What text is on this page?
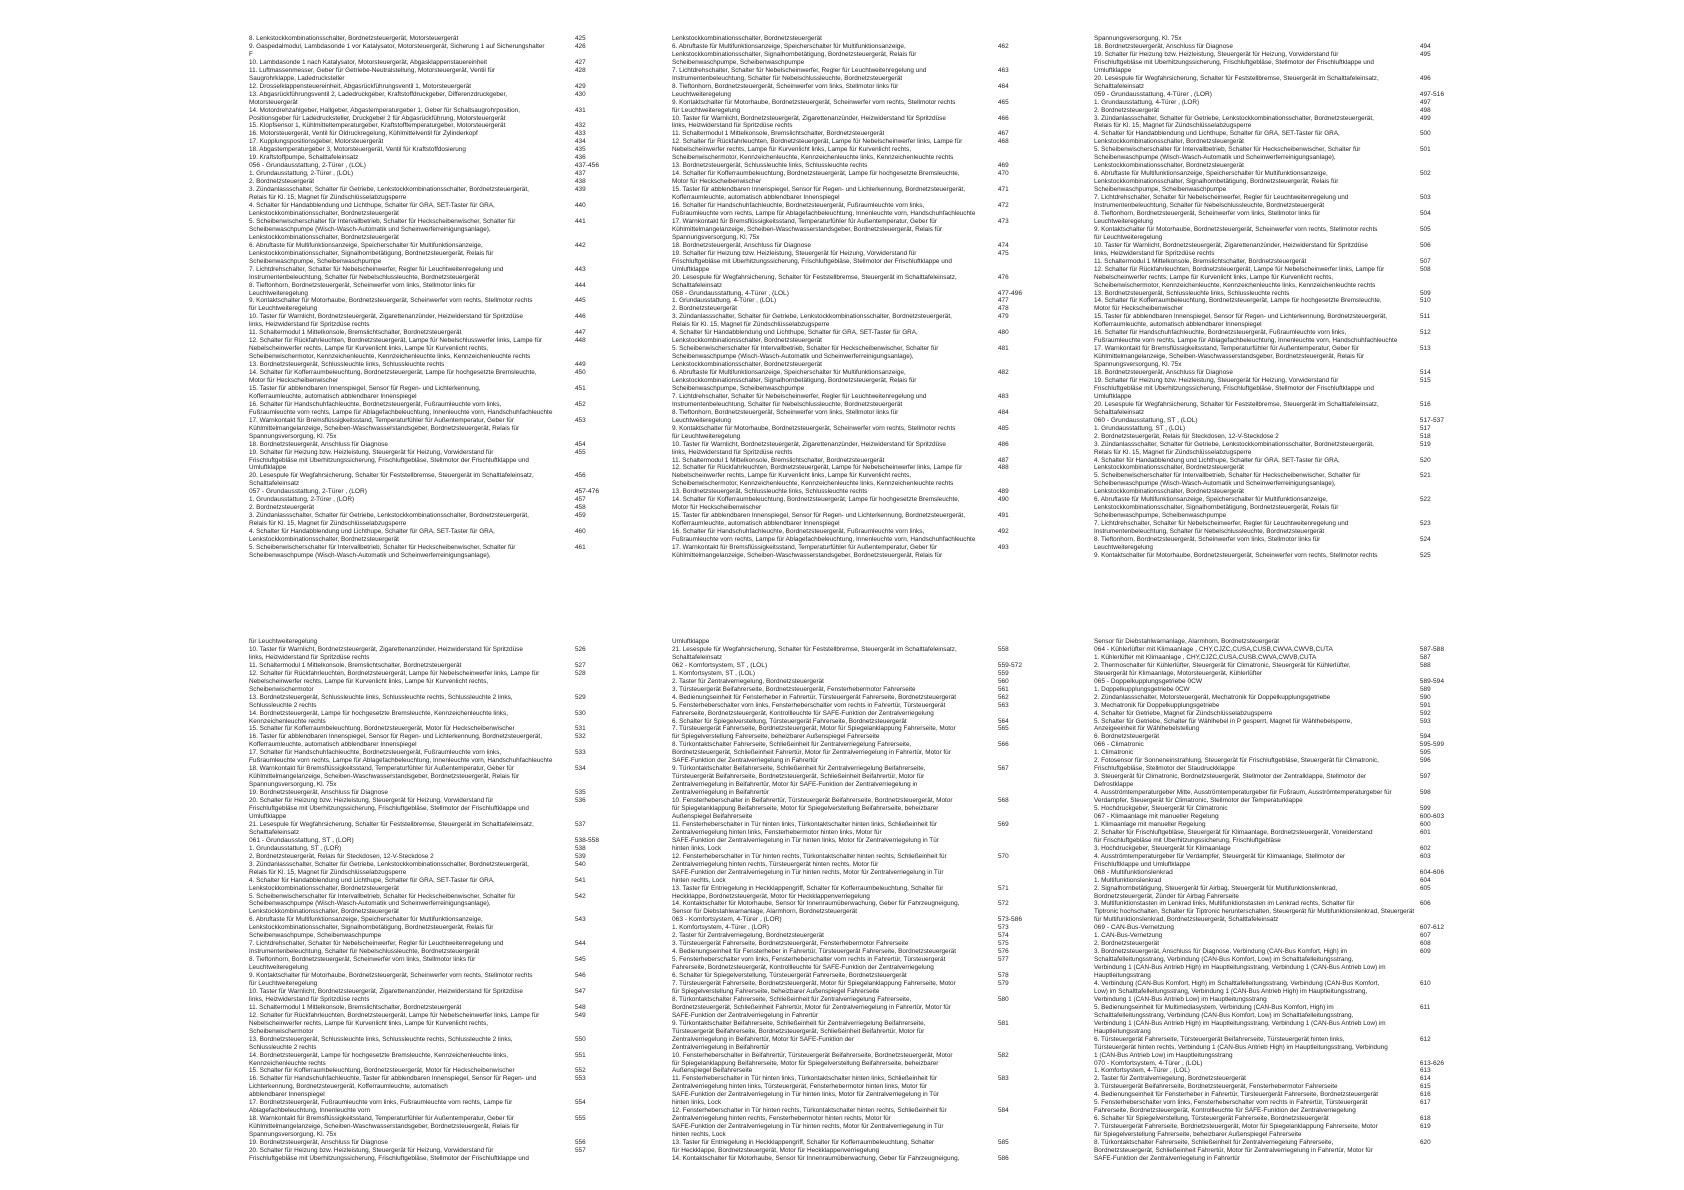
8. Lenkstockkombinationsschalter, Bordnetzsteuergerät, Motorsteuergerät	425
9. Gaspedalmodul, Lambdasonde 1 vor Katalysator, Motorsteuergerät, Sicherung 1 auf Sicherungshalter	426
F
10. Lambdasonde 1 nach Katalysator, Motorsteuergerät, Abgasklappenstauereinheit	427
11. Luftmassenmesser, Geber für Getriebe-Neutralstellung, Motorsteuergerät, Ventil für	428
Saugrohrklappe, Ladedrucksteller
12. Drosselklappensteuereinheit, Abgasrückführungsventil 1, Motorsteuergerät	429
13. Abgasrückführungsventil 2, Ladedruckgeber, Kraftstoffdruckgeber, Differenzdruckgeber,	430
Motorsteuergerät
14. Motordrehzahlgeber, Hallgeber, Abgastemperaturgeber 1, Geber für Schaltsaugrohrposition,	431
Positionsgeber für Ladedrucksteller, Druckgeber 2 für Abgasrückführung, Motorsteuergerät
15. Klopfsensor 1, Kühlmitteltemperaturgeber, Kraftstofftemperaturgeber, Motorsteuergerät	432
16. Motorsteuergerät, Ventil für Öldruckregelung, Kühlmittelventil für Zylinderkopf	433
17. Kupplungspositionsgeber, Motorsteuergerät	434
18. Abgastemperaturgeber 3, Motorsteuergerät, Ventil für Kraftstoffdosierung	435
19. Kraftstoffpumpe, Schalttafeleinsatz	436
056 - Grundausstattung, 2-Türer , (LOL)	437-456
1. Grundausstattung, 2-Türer , (LOL)	437
2. Bordnetzsteuergerät	438
3. Zündanlassschalter, Schalter für Getriebe, Lenkstockkombinationsschalter, Bordnetzsteuergerät,	439
Relais für Kl. 15, Magnet für Zündschlüsselabzugsperre
4. Schalter für Handabblendung und Lichthupe, Schalter für GRA, SET-Taster für GRA,	440
Lenkstockkombinationsschalter, Bordnetzsteuergerät
5. Scheibenwischerschalter für Intervallbetrieb, Schalter für Heckscheibenwischer, Schalter für	441
Scheibenwaschpumpe (Wisch-Wasch-Automatik und Scheinwerferreinigungsanlage),
Lenkstockkombinationsschalter, Bordnetzsteuergerät
6. Abruftaste für Multifunktionsanzeige, Speicherschalter für Multifunktionsanzeige,	442
Lenkstockkombinationsschalter, Signalhornbetätigung, Bordnetzsteuergerät, Relais für
Scheibenwaschpumpe, Scheibenwaschpumpe
7. Lichtdrehschalter, Schalter für Nebelscheinwerfer, Regler für Leuchtweitenregelung und	443
Instrumentenbeleuchtung, Schalter für Nebelschlussleuchte, Bordnetzsteuergerät
8. Tieftonhorn, Bordnetzsteuergerät, Scheinwerfer vorn links, Stellmotor links für	444
Leuchtweiteregelung
9. Kontaktschalter für Motorhaube, Bordnetzsteuergerät, Scheinwerfer vorn rechts, Stellmotor rechts	445
für Leuchtweiteregelung
10. Taster für Warnlicht, Bordnetzsteuergerät, Zigarettenanzünder, Heizwiderstand für Spritzdüse	446
links, Heizwiderstand für Spritzdüse rechts
11. Schaltermodul 1 Mittelkonsole, Bremslichtschalter, Bordnetzsteuergerät	447
12. Schalter für Rückfahrleuchten, Bordnetzsteuergerät, Lampe für Nebelschlusswerfer links, Lampe für	448
Nebelscheinwerfer rechts, Lampe für Kurvenlicht links, Lampe für Kurvenlicht rechts,
Scheibenwischermotor, Kennzeichenleuchte, Kennzeichenleuchte links, Kennzeichenleuchte rechts
13. Bordnetzsteuergerät, Schlussleuchte links, Schlussleuchte rechts	449
14. Schalter für Kofferraumbeleuchtung, Bordnetzsteuergerät, Lampe für hochgesetzte Bremsleuchte,	450
Motor für Heckscheibenwischer
15. Taster für abblendbaren Innenspiegel, Sensor für Regen- und Lichterkennung,	451
Kofferraumleuchte, automatisch abblendbarer Innenspiegel
16. Schalter für Handschuhfachleuchte, Bordnetzsteuergerät, Fußraumleuchte vorn links,	452
Fußraumleuchte vorn rechts, Lampe für Ablagefachbeleuchtung, Innenleuchte vorn, Handschuhfachleuchte
17. Warnkontakt für Bremsflüssigkeitsstand, Temperaturfühler für Außentemperatur, Geber für	453
Kühlmittelmangelanzeige, Scheiben-Waschwasserstandsgeber, Bordnetzsteuergerät, Relais für
Spannungsversorgung, Kl. 75x
18. Bordnetzsteuergerät, Anschluss für Diagnose	454
19. Schalter für Heizung bzw. Heizleistung, Steuergerät für Heizung, Vorwiderstand für	455
Frischluftgebläse mit Überhitzungssicherung, Frischluftgebläse, Stellmotor der Frischluftklappe und
Umluftklappe
20. Lesespule für Wegfahrsicherung, Schalter für Feststellbremse, Steuergerät im Schalttafeleinsatz,	456
Schalttafeleinsatz
057 - Grundausstattung, 2-Türer , (LOR)	457-476
1. Grundausstattung, 2-Türer , (LOR)	457
2. Bordnetzsteuergerät	458
3. Zündanlassschalter, Schalter für Getriebe, Lenkstockkombinationsschalter, Bordnetzsteuergerät,	459
Relais für Kl. 15, Magnet für Zündschlüsselabzugsperre
4. Schalter für Handabblendung und Lichthupe, Schalter für GRA, SET-Taster für GRA,	460
Lenkstockkombinationsschalter, Bordnetzsteuergerät
5. Scheibenwischerschalter für Intervallbetrieb, Schalter für Heckscheibenwischer, Schalter für	461
Scheibenwaschpumpe (Wisch-Wasch-Automatik und Scheinwerferreinigungsanlage),
Lenkstockkombinationsschalter, Bordnetzsteuergerät
6. Abruftaste für Multifunktionsanzeige, Speicherschalter für Multifunktionsanzeige,	462
Lenkstockkombinationsschalter, Signalhornbetätigung, Bordnetzsteuergerät, Relais für
Scheibenwaschpumpe, Scheibenwaschpumpe
7. Lichtdrehschalter, Schalter für Nebelscheinwerfer, Regler für Leuchtweitenregelung und	463
Instrumentenbeleuchtung, Schalter für Nebelschlussleuchte, Bordnetzsteuergerät
8. Tieftonhorn, Bordnetzsteuergerät, Scheinwerfer vorn links, Stellmotor links für	464
Leuchtweiteregelung
9. Kontaktschalter für Motorhaube, Bordnetzsteuergerät, Scheinwerfer vorn rechts, Stellmotor rechts	465
für Leuchtweiteregelung
10. Taster für Warnlicht, Bordnetzsteuergerät, Zigarettenanzünder, Heizwiderstand für Spritzdüse	466
links, Heizwiderstand für Spritzdüse rechts
11. Schaltermodul 1 Mittelkonsole, Bremslichtschalter, Bordnetzsteuergerät	467
12. Schalter für Rückfahrleuchten, Bordnetzsteuergerät, Lampe für Nebelscheinwerfer links, Lampe für	468
Nebelscheinwerfer rechts, Lampe für Kurvenlicht links, Lampe für Kurvenlicht rechts,
Scheibenwischermotor, Kennzeichenleuchte, Kennzeichenleuchte links, Kennzeichenleuchte rechts
13. Bordnetzsteuergerät, Schlussleuchte links, Schlussleuchte rechts	469
14. Schalter für Kofferraumbeleuchtung, Bordnetzsteuergerät, Lampe für hochgesetzte Bremsleuchte,	470
Motor für Heckscheibenwischer
15. Taster für abblendbaren Innenspiegel, Sensor für Regen- und Lichterkennung, Bordnetzsteuergerät,	471
Kofferraumleuchte, automatisch abblendbarer Innenspiegel
16. Schalter für Handschuhfachleuchte, Bordnetzsteuergerät, Fußraumleuchte vorn links,	472
Fußraumleuchte vorn rechts, Lampe für Ablagefachbeleuchtung, Innenleuchte vorn, Handschuhfachleuchte
17. Warnkontakt für Bremsflüssigkeitsstand, Temperaturfühler für Außentemperatur, Geber für	473
Kühlmittelmangelanzeige, Scheiben-Waschwasserstandsgeber, Bordnetzsteuergerät, Relais für
Spannungsversorgung, Kl. 75x
18. Bordnetzsteuergerät, Anschluss für Diagnose	474
19. Schalter für Heizung bzw. Heizleistung, Steuergerät für Heizung, Vorwiderstand für	475
Frischluftgebläse mit Überhitzungssicherung, Frischluftgebläse, Stellmotor der Frischluftklappe und
Umluftklappe
20. Lesespule für Wegfahrsicherung, Schalter für Feststellbremse, Steuergerät im Schalttafeleinsatz,	476
Schalttafeleinsatz
058 - Grundausstattung, 4-Türer , (LOL)	477-496
1. Grundausstattung, 4-Türer , (LOL)	477
2. Bordnetzsteuergerät	478
3. Zündanlassschalter, Schalter für Getriebe, Lenkstockkombinationsschalter, Bordnetzsteuergerät,	479
Relais für Kl. 15, Magnet für Zündschlüsselabzugsperre
4. Schalter für Handabblendung und Lichthupe, Schalter für GRA, SET-Taster für GRA,	480
Lenkstockkombinationsschalter, Bordnetzsteuergerät
5. Scheibenwischerschalter für Intervallbetrieb, Schalter für Heckscheibenwischer, Schalter für	481
Scheibenwaschpumpe (Wisch-Wasch-Automatik und Scheinwerferreinigungsanlage),
Lenkstockkombinationsschalter, Bordnetzsteuergerät
6. Abruftaste für Multifunktionsanzeige, Speicherschalter für Multifunktionsanzeige,	482
Lenkstockkombinationsschalter, Signalhornbetätigung, Bordnetzsteuergerät, Relais für
Scheibenwaschpumpe, Scheibenwaschpumpe
7. Lichtdrehschalter, Schalter für Nebelscheinwerfer, Regler für Leuchtweitenregelung und	483
Instrumentenbeleuchtung, Schalter für Nebelschlussleuchte, Bordnetzsteuergerät
8. Tieftonhorn, Bordnetzsteuergerät, Scheinwerfer vorn links, Stellmotor links für	484
Leuchtweiteregelung
9. Kontaktschalter für Motorhaube, Bordnetzsteuergerät, Scheinwerfer vorn rechts, Stellmotor rechts	485
für Leuchtweiteregelung
10. Taster für Warnlicht, Bordnetzsteuergerät, Zigarettenanzünder, Heizwiderstand für Spritzdüse	486
links, Heizwiderstand für Spritzdüse rechts
11. Schaltermodul 1 Mittelkonsole, Bremslichtschalter, Bordnetzsteuergerät	487
12. Schalter für Rückfahrleuchten, Bordnetzsteuergerät, Lampe für Nebelscheinwerfer links, Lampe für	488
Nebelscheinwerfer rechts, Lampe für Kurvenlicht links, Lampe für Kurvenlicht rechts,
Scheibenwischermotor, Kennzeichenleuchte, Kennzeichenleuchte links, Kennzeichenleuchte rechts
13. Bordnetzsteuergerät, Schlussleuchte links, Schlussleuchte rechts	489
14. Schalter für Kofferraumbeleuchtung, Bordnetzsteuergerät, Lampe für hochgesetzte Bremsleuchte,	490
Motor für Heckscheibenwischer
15. Taster für abblendbaren Innenspiegel, Sensor für Regen- und Lichterkennung, Bordnetzsteuergerät,	491
Kofferraumleuchte, automatisch abblendbarer Innenspiegel
16. Schalter für Handschuhfachleuchte, Bordnetzsteuergerät, Fußraumleuchte vorn links,	492
Fußraumleuchte vorn rechts, Lampe für Ablagefachbeleuchtung, Innenleuchte vorn, Handschuhfachleuchte
17. Warnkontakt für Bremsflüssigkeitsstand, Temperaturfühler für Außentemperatur, Geber für	493
Kühlmittelmangelanzeige, Scheiben-Waschwasserstandsgeber, Bordnetzsteuergerät, Relais für
Spannungsversorgung, Kl. 75x
18. Bordnetzsteuergerät, Anschluss für Diagnose	494
19. Schalter für Heizung bzw. Heizleistung, Steuergerät für Heizung, Vorwiderstand für	495
Frischluftgebläse mit Überhitzungssicherung, Frischluftgebläse, Stellmotor der Frischluftklappe und
Umluftklappe
20. Lesespule für Wegfahrsicherung, Schalter für Feststellbremse, Steuergerät im Schalttafeleinsatz,	496
Schalttafeleinsatz
059 - Grundausstattung, 4-Türer , (LOR)	497-516
1. Grundausstattung, 4-Türer , (LOR)	497
2. Bordnetzsteuergerät	498
3. Zündanlassschalter, Schalter für Getriebe, Lenkstockkombinationsschalter, Bordnetzsteuergerät,	499
Relais für Kl. 15, Magnet für Zündschlüsselabzugsperre
4. Schalter für Handabblendung und Lichthupe, Schalter für GRA, SET-Taster für GRA,	500
Lenkstockkombinationsschalter, Bordnetzsteuergerät
5. Scheibenwischerschalter für Intervallbetrieb, Schalter für Heckscheibenwischer, Schalter für	501
Scheibenwaschpumpe (Wisch-Wasch-Automatik und Scheinwerferreinigungsanlage),
Lenkstockkombinationsschalter, Bordnetzsteuergerät
6. Abruftaste für Multifunktionsanzeige, Speicherschalter für Multifunktionsanzeige,	502
Lenkstockkombinationsschalter, Signalhornbetätigung, Bordnetzsteuergerät, Relais für
Scheibenwaschpumpe, Scheibenwaschpumpe
7. Lichtdrehschalter, Schalter für Nebelscheinwerfer, Regler für Leuchtweitenregelung und	503
Instrumentenbeleuchtung, Schalter für Nebelschlussleuchte, Bordnetzsteuergerät
8. Tieftonhorn, Bordnetzsteuergerät, Scheinwerfer vorn links, Stellmotor links für	504
Leuchtweiteregelung
9. Kontaktschalter für Motorhaube, Bordnetzsteuergerät, Scheinwerfer vorn rechts, Stellmotor rechts	505
für Leuchtweiteregelung
10. Taster für Warnlicht, Bordnetzsteuergerät, Zigarettenanzünder, Heizwiderstand für Spritzdüse	506
links, Heizwiderstand für Spritzdüse rechts
11. Schaltermodul 1 Mittelkonsole, Bremslichtschalter, Bordnetzsteuergerät	507
12. Schalter für Rückfahrleuchten, Bordnetzsteuergerät, Lampe für Nebelscheinwerfer links, Lampe für	508
Nebelscheinwerfer rechts, Lampe für Kurvenlicht links, Lampe für Kurvenlicht rechts,
Scheibenwischermotor, Kennzeichenleuchte, Kennzeichenleuchte links, Kennzeichenleuchte rechts
13. Bordnetzsteuergerät, Schlussleuchte links, Schlussleuchte rechts	509
14. Schalter für Kofferraumbeleuchtung, Bordnetzsteuergerät, Lampe für hochgesetzte Bremsleuchte,	510
Motor für Heckscheibenwischer
15. Taster für abblendbaren Innenspiegel, Sensor für Regen- und Lichterkennung, Bordnetzsteuergerät,	511
Kofferraumleuchte, automatisch abblendbarer Innenspiegel
16. Schalter für Handschuhfachleuchte, Bordnetzsteuergerät, Fußraumleuchte vorn links,	512
Fußraumleuchte vorn rechts, Lampe für Ablagefachbeleuchtung, Innenleuchte vorn, Handschuhfachleuchte
17. Warnkontakt für Bremsflüssigkeitsstand, Temperaturfühler für Außentemperatur, Geber für	513
Kühlmittelmangelanzeige, Scheiben-Waschwasserstandsgeber, Bordnetzsteuergerät, Relais für
Spannungsversorgung, Kl. 75x
18. Bordnetzsteuergerät, Anschluss für Diagnose	514
19. Schalter für Heizung bzw. Heizleistung, Steuergerät für Heizung, Vorwiderstand für	515
Frischluftgebläse mit Überhitzungssicherung, Frischluftgebläse, Stellmotor der Frischluftklappe und
Umluftklappe
20. Lesespule für Wegfahrsicherung, Schalter für Feststellbremse, Steuergerät im Schalttafeleinsatz,	516
Schalttafeleinsatz
060 - Grundausstattung, ST , (LOL)	517-537
1. Grundausstattung, ST , (LOL)	517
2. Bordnetzsteuergerät, Relais für Steckdosen, 12-V-Steckdose 2	518
3. Zündanlassschalter, Schalter für Getriebe, Lenkstockkombinationsschalter, Bordnetzsteuergerät,	519
Relais für Kl. 15, Magnet für Zündschlüsselabzugsperre
4. Schalter für Handabblendung und Lichthupe, Schalter für GRA, SET-Taster für GRA,	520
Lenkstockkombinationsschalter, Bordnetzsteuergerät
5. Scheibenwischerschalter für Intervallbetrieb, Schalter für Heckscheibenwischer, Schalter für	521
Scheibenwaschpumpe (Wisch-Wasch-Automatik und Scheinwerferreinigungsanlage),
Lenkstockkombinationsschalter, Bordnetzsteuergerät
6. Abruftaste für Multifunktionsanzeige, Speicherschalter für Multifunktionsanzeige,	522
Lenkstockkombinationsschalter, Signalhornbetätigung, Bordnetzsteuergerät, Relais für
Scheibenwaschpumpe, Scheibenwaschpumpe
7. Lichtdrehschalter, Schalter für Nebelscheinwerfer, Regler für Leuchtweitenregelung und	523
Instrumentenbeleuchtung, Schalter für Nebelschlussleuchte, Bordnetzsteuergerät
8. Tieftonhorn, Bordnetzsteuergerät, Scheinwerfer vorn links, Stellmotor links für	524
Leuchtweiteregelung
9. Kontaktschalter für Motorhaube, Bordnetzsteuergerät, Scheinwerfer vorn rechts, Stellmotor rechts	525
für Leuchtweiteregelung
10. Taster für Warnlicht, Bordnetzsteuergerät, Zigarettenanzünder, Heizwiderstand für Spritzdüse	526
links, Heizwiderstand für Spritzdüse rechts
11. Schaltermodul 1 Mittelkonsole, Bremslichtschalter, Bordnetzsteuergerät	527
12. Schalter für Rückfahrleuchten, Bordnetzsteuergerät, Lampe für Nebelscheinwerfer links, Lampe für	528
Nebelscheinwerfer rechts, Lampe für Kurvenlicht links, Lampe für Kurvenlicht rechts,
Scheibenwischermotor
13. Bordnetzsteuergerät, Schlussleuchte links, Schlussleuchte rechts, Schlussleuchte 2 links,	529
Schlussleuchte 2 rechts
14. Bordnetzsteuergerät, Lampe für hochgesetzte Bremsleuchte, Kennzeichenleuchte links,	530
Kennzeichenleuchte rechts
15. Schalter für Kofferraumbeleuchtung, Bordnetzsteuergerät, Motor für Heckscheibenwischer	531
16. Taster für abblendbaren Innenspiegel, Sensor für Regen- und Lichterkennung, Bordnetzsteuergerät,	532
Kofferraumleuchte, automatisch abblendbarer Innenspiegel
17. Schalter für Handschuhfachleuchte, Bordnetzsteuergerät, Fußraumleuchte vorn links,	533
Fußraumleuchte vorn rechts, Lampe für Ablagefachbeleuchtung, Innenleuchte vorn, Handschuhfachleuchte
18. Warnkontakt für Bremsflüssigkeitsstand, Temperaturfühler für Außentemperatur, Geber für	534
Kühlmittelmangelanzeige, Scheiben-Waschwasserstandsgeber, Bordnetzsteuergerät, Relais für
Spannungsversorgung, Kl. 75x
19. Bordnetzsteuergerät, Anschluss für Diagnose	535
20. Schalter für Heizung bzw. Heizleistung, Steuergerät für Heizung, Vorwiderstand für	536
Frischluftgebläse mit Überhitzungssicherung, Frischluftgebläse, Stellmotor der Frischluftklappe und
Umluftklappe
21. Lesespule für Wegfahrsicherung, Schalter für Feststellbremse, Steuergerät im Schalttafeleinsatz,	537
Schalttafeleinsatz
061 - Grundausstattung, ST , (LOR)	538-558
1. Grundausstattung, ST , (LOR)	538
2. Bordnetzsteuergerät, Relais für Steckdosen, 12-V-Steckdose 2	539
3. Zündanlassschalter, Schalter für Getriebe, Lenkstockkombinationsschalter, Bordnetzsteuergerät,	540
Relais für Kl. 15, Magnet für Zündschlüsselabzugsperre
4. Schalter für Handabblendung und Lichthupe, Schalter für GRA, SET-Taster für GRA,	541
Lenkstockkombinationsschalter, Bordnetzsteuergerät
5. Scheibenwischerschalter für Intervallbetrieb, Schalter für Heckscheibenwischer, Schalter für	542
Scheibenwaschpumpe (Wisch-Wasch-Automatik und Scheinwerferreinigungsanlage),
Lenkstockkombinationsschalter, Bordnetzsteuergerät
6. Abruftaste für Multifunktionsanzeige, Speicherschalter für Multifunktionsanzeige,	543
Lenkstockkombinationsschalter, Signalhornbetätigung, Bordnetzsteuergerät, Relais für
Scheibenwaschpumpe, Scheibenwaschpumpe
7. Lichtdrehschalter, Schalter für Nebelscheinwerfer, Regler für Leuchtweitenregelung und	544
Instrumentenbeleuchtung, Schalter für Nebelschlussleuchte, Bordnetzsteuergerät
8. Tieftonhorn, Bordnetzsteuergerät, Scheinwerfer vorn links, Stellmotor links für	545
Leuchtweiteregelung
9. Kontaktschalter für Motorhaube, Bordnetzsteuergerät, Scheinwerfer vorn rechts, Stellmotor rechts	546
für Leuchtweiteregelung
10. Taster für Warnlicht, Bordnetzsteuergerät, Zigarettenanzünder, Heizwiderstand für Spritzdüse	547
links, Heizwiderstand für Spritzdüse rechts
11. Schaltermodul 1 Mittelkonsole, Bremslichtschalter, Bordnetzsteuergerät	548
12. Schalter für Rückfahrleuchten, Bordnetzsteuergerät, Lampe für Nebelscheinwerfer links, Lampe für	549
Nebelscheinwerfer rechts, Lampe für Kurvenlicht links, Lampe für Kurvenlicht rechts,
Scheibenwischermotor
13. Bordnetzsteuergerät, Schlussleuchte links, Schlussleuchte rechts, Schlussleuchte 2 links,	550
Schlussleuchte 2 rechts
14. Bordnetzsteuergerät, Lampe für hochgesetzte Bremsleuchte, Kennzeichenleuchte links,	551
Kennzeichenleuchte rechts
15. Schalter für Kofferraumbeleuchtung, Bordnetzsteuergerät, Motor für Heckscheibenwischer	552
16. Schalter für Handschuhfachleuchte, Taster für abblendbaren Innenspiegel, Sensor für Regen- und	553
Lichterkennung, Bordnetzsteuergerät, Kofferraumleuchte, automatisch
abblendbarer Innenspiegel
17. Bordnetzsteuergerät, Fußraumleuchte vorn links, Fußraumleuchte vorn rechts, Lampe für	554
Ablagefachbeleuchtung, Innenleuchte vorn
18. Warnkontakt für Bremsflüssigkeitsstand, Temperaturfühler für Außentemperatur, Geber für	555
Kühlmittelmangelanzeige, Scheiben-Waschwasserstandsgeber, Bordnetzsteuergerät, Relais für
Spannungsversorgung, Kl. 75x
19. Bordnetzsteuergerät, Anschluss für Diagnose	556
20. Schalter für Heizung bzw. Heizleistung, Steuergerät für Heizung, Vorwiderstand für	557
Frischluftgebläse mit Überhitzungssicherung, Frischluftgebläse, Stellmotor der Frischluftklappe und
Umluftklappe
21. Lesespule für Wegfahrsicherung, Schalter für Feststellbremse, Steuergerät im Schalttafeleinsatz,	558
Schalttafeleinsatz
062 - Komfortsystem, ST , (LOL)	559-572
1. Komfortsystem, ST , (LOL)	559
2. Taster für Zentralverriegelung, Bordnetzsteuergerät	560
3. Türsteuergerät Beifahrerseite, Bordnetzsteuergerät, Fensterhebermotor Fahrerseite	561
4. Bedienungseinheit für Fensterheber in Fahrertür, Türsteuergerät Fahrerseite, Bordnetzsteuergerät	562
5. Fensterheberschalter vorn links, Fensterheberschalter vorn rechts in Fahrertür, Türsteuergerät	563
Fahrerseite, Bordnetzsteuergerät, Kontrollleuchte für SAFE-Funktion der Zentralverriegelung
6. Schalter für Spiegelverstellung, Türsteuergerät Fahrerseite, Bordnetzsteuergerät	564
7. Türsteuergerät Fahrerseite, Bordnetzsteuergerät, Motor für Spiegelanklappung Fahrerseite, Motor	565
für Spiegelverstellung Fahrerseite, beheizbarer Außenspiegel Fahrerseite
8. Türkontaktschalter Fahrerseite, Schließeinheit für Zentralverriegelung Fahrerseite,	566
Bordnetzsteuergerät, Schließeinheit Fahrertür, Motor für Zentralverriegelung in Fahrertür, Motor für
SAFE-Funktion der Zentralverriegelung in Fahrertür
9. Türkontaktschalter Beifahrerseite, Schließeinheit für Zentralverriegelung Beifahrerseite,	567
Türsteuergerät Beifahrerseite, Bordnetzsteuergerät, Schließeinheit Beifahrertür, Motor für
Zentralverriegelung in Beifahrertür, Motor für SAFE-Funktion der Zentralverriegelung in
Zentralverriegelung in Beifahrertür
10. Fensterheberschalter in Beifahrertür, Türsteuergerät Beifahrerseite, Bordnetzsteuergerät, Motor	568
für Spiegelanklappung Beifahrerseite, Motor für Spiegelverstellung Beifahrerseite, beheizbarer
Außenspiegel Beifahrerseite
11. Fensterheberschalter in Tür hinten links, Türkontaktschalter hinten links, Schließeinheit für	569
Zentralverriegelung hinten links, Fensterhebermotor hinten links, Motor für
SAFE-Funktion der Zentralverriegelung in Tür hinten links, Motor für Zentralverriegelung in Tür
hinten links, Lock
12. Fensterheberschalter in Tür hinten rechts, Türkontaktschalter hinten rechts, Schließeinheit für	570
Zentralverriegelung hinten rechts, Türsteuergerät hinten rechts, Motor für
SAFE-Funktion der Zentralverriegelung in Tür hinten rechts, Motor für Zentralverriegelung in Tür
hinten rechts, Lock
13. Taster für Entriegelung in Heckklappengriff, Schalter für Kofferraumbeleuchtung, Schalter für	571
Heckklappe, Bordnetzsteuergerät, Motor für Heckklappenverriegelung
14. Kontaktschalter für Motorhaube, Sensor für Innenraumüberwachung, Geber für Fahrzeugneigung,	572
Sensor für Diebstahlwarnanlage, Alarmhorn, Bordnetzsteuergerät
063 - Komfortsystem, 4-Türer , (LOR)	573-586
1. Komfortsystem, 4-Türer , (LOR)	573
2. Taster für Zentralverriegelung, Bordnetzsteuergerät	574
3. Türsteuergerät Fahrerseite, Bordnetzsteuergerät, Fensterhebermotor Fahrerseite	575
4. Bedienungseinheit für Fensterheber in Fahrertür, Türsteuergerät Fahrerseite, Bordnetzsteuergerät	576
5. Fensterheberschalter vorn links, Fensterheberschalter vorn rechts in Fahrertür, Türsteuergerät	577
Fahrerseite, Bordnetzsteuergerät, Kontrollleuchte für SAFE-Funktion der Zentralverriegelung
6. Schalter für Spiegelverstellung, Türsteuergerät Fahrerseite, Bordnetzsteuergerät	578
7. Türsteuergerät Fahrerseite, Bordnetzsteuergerät, Motor für Spiegelanklappung Fahrerseite, Motor	579
für Spiegelverstellung Fahrerseite, beheizbarer Außenspiegel Fahrerseite
8. Türkontaktschalter Fahrerseite, Schließeinheit für Zentralverriegelung Fahrerseite,	580
Bordnetzsteuergerät, Schließeinheit Fahrertür, Motor für Zentralverriegelung in Fahrertür, Motor für
SAFE-Funktion der Zentralverriegelung in Fahrertür
9. Türkontaktschalter Beifahrerseite, Schließeinheit für Zentralverriegelung Beifahrerseite,	581
Türsteuergerät Beifahrerseite, Bordnetzsteuergerät, Schließeinheit Beifahrertür, Motor für
Zentralverriegelung in Beifahrertür, Motor für SAFE-Funktion der
Zentralverriegelung in Beifahrertür
10. Fensterheberschalter in Beifahrertür, Türsteuergerät Beifahrerseite, Bordnetzsteuergerät, Motor	582
für Spiegelanklappung Beifahrerseite, Motor für Spiegelverstellung Beifahrerseite, beheizbarer
Außenspiegel Beifahrerseite
11. Fensterheberschalter in Tür hinten links, Türkontaktschalter hinten links, Schließeinheit für	583
Zentralverriegelung hinten links, Türsteuergerät, Fensterhebermotor hinten links, Motor für
SAFE-Funktion der Zentralverriegelung in Tür hinten links, Motor für Zentralverriegelung in Tür
hinten links, Lock
12. Fensterheberschalter in Tür hinten rechts, Türkontaktschalter hinten rechts, Schließeinheit für	584
Zentralverriegelung hinten rechts, Fensterhebermotor hinten rechts, Motor für
SAFE-Funktion der Zentralverriegelung in Tür hinten rechts, Motor für Zentralverriegelung in Tür
hinten rechts, Lock
13. Taster für Entriegelung in Heckklappengriff, Schalter für Kofferraumbeleuchtung, Schalter	585
für Heckklappe, Bordnetzsteuergerät, Motor für Heckklappenverriegelung
14. Kontaktschalter für Motorhaube, Sensor für Innenraumüberwachung, Geber für Fahrzeugneigung,	586
Sensor für Diebstahlwarnanlage, Alarmhorn, Bordnetzsteuergerät
064 - Kühlerlüfter mit Klimaanlage , CHY,CJZC,CUSA,CUSB,CWVA,CWVB,CUTA	587-588
1. Kühlerlüfter mit Klimaanlage , CHY,CJZC,CUSA,CUSB,CWVA,CWVB,CUTA	587
2. Thermoschalter für Kühlerlüfter, Steuergerät für Climatronic, Steuergerät für Kühlerlüfter,	588
Steuergerät für Klimaanlage, Motorsteuergerät, Kühlerlüfter
065 - Doppelkupplungsgetriebe 0CW	589-594
1. Doppelkupplungsgetriebe 0CW	589
2. Zündanlassschalter, Motorsteuergerät, Mechatronik für Doppelkupplungsgetriebe	590
3. Mechatronik für Doppelkupplungsgetriebe	591
4. Schalter für Getriebe, Magnet für Zündschlüsselabzugsperre	592
5. Schalter für Getriebe, Schalter für Wählhebel in P gesperrt, Magnet für Wählhebelsperre,	593
Anzeigeeinheit für Wählhebelstellung
6. Bordnetzsteuergerät	594
066 - Climatronic	595-599
1. Climatronic	595
2. Fotosensor für Sonneneinstrahlung, Steuergerät für Frischluftgebläse, Steuergerät für Climatronic,	596
Frischluftgebläse, Stellmotor der Staudruckklappe
3. Steuergerät für Climatronic, Bordnetzsteuergerät, Stellmotor der Zentralklappe, Stellmotor der	597
Defrostklappe
4. Ausströmtemperaturgeber Mitte, Ausströmtemperaturgeber für Fußraum, Ausströmtemperaturgeber für	598
Verdampfer, Steuergerät für Climatronic, Stellmotor der Temperaturklappe
5. Hochdruckgeber, Steuergerät für Climatronic	599
067 - Klimaanlage mit manueller Regelung	600-603
1. Klimaanlage mit manueller Regelung	600
2. Schalter für Frischluftgebläse, Steuergerät für Klimaanlage, Bordnetzsteuergerät, Vorwiderstand	601
für Frischluftgebläse mit Überhitzungssicherung, Frischluftgebläse
3. Hochdruckgeber, Steuergerät für Klimaanlage	602
4. Ausströmtemperaturgeber für Verdampfer, Steuergerät für Klimaanlage, Stellmotor der	603
Frischluftklappe und Umluftklappe
068 - Multifunktionslenkrad	604-606
1. Multifunktionslenkrad	604
2. Signalhornbetätigung, Steuergerät für Airbag, Steuergerät für Multifunktionslenkrad,	605
Bordnetzsteuergerät, Zünder für Airbag Fahrerseite
3. Multifunktionstasten im Lenkrad links, Multifunktionstasten im Lenkrad rechts, Schalter für	606
Tiptronic hochschalten, Schalter für Tiptronic herunterschalten, Steuergerät für Multifunktionslenkrad, Steuergerät
für Multifunktionslenkrad, Bordnetzsteuergerät, Schalttafeleinsatz
069 - CAN-Bus-Vernetzung	607-612
1. CAN-Bus-Vernetzung	607
2. Bordnetzsteuergerät	608
3. Bordnetzsteuergerät, Anschluss für Diagnose, Verbindung (CAN-Bus Komfort, High) im	609
Schalttafelleitungsstrang, Verbindung (CAN-Bus Komfort, Low) im Schalttafelleitungsstrang,
Verbindung 1 (CAN-Bus Antrieb High) im Hauptleitungsstrang, Verbindung 1 (CAN-Bus Antrieb Low) im
Hauptleitungsstrang
4. Verbindung (CAN-Bus Komfort, High) im Schalttafelleitungsstrang, Verbindung (CAN-Bus Komfort,	610
Low) im Schalttafelleitungsstrang, Verbindung 1 (CAN-Bus Antrieb High) im Hauptleitungsstrang,
Verbindung 1 (CAN-Bus Antrieb Low) im Hauptleitungsstrang
5. Bedienungseinheit für Multimediasystem, Verbindung (CAN-Bus Komfort, High) im	611
Schalttafelleitungsstrang, Verbindung (CAN-Bus Komfort, Low) im Schalttafelleitungsstrang,
Verbindung 1 (CAN-Bus Antrieb High) im Hauptleitungsstrang, Verbindung 1 (CAN-Bus Antrieb Low) im
Hauptleitungsstrang
6. Türsteuergerät Fahrerseite, Türsteuergerät Beifahrerseite, Türsteuergerät hinten links,	612
Türsteuergerät hinten rechts, Verbindung 1 (CAN-Bus Antrieb High) im Hauptleitungsstrang, Verbindung
1 (CAN-Bus Antrieb Low) im Hauptleitungsstrang
070 - Komfortsystem, 4-Türer , (LOL)	613-626
1. Komfortsystem, 4-Türer , (LOL)	613
2. Taster für Zentralverriegelung, Bordnetzsteuergerät	614
3. Türsteuergerät Beifahrerseite, Bordnetzsteuergerät, Fensterhebermotor Fahrerseite	615
4. Bedienungseinheit für Fensterheber in Fahrertür, Türsteuergerät Fahrerseite, Bordnetzsteuergerät	616
5. Fensterheberschalter vorn links, Fensterheberschalter vorn rechts in Fahrertür, Türsteuergerät	617
Fahrerseite, Bordnetzsteuergerät, Kontrollleuchte für SAFE-Funktion der Zentralverriegelung
6. Schalter für Spiegelverstellung, Türsteuergerät Fahrerseite, Bordnetzsteuergerät	618
7. Türsteuergerät Fahrerseite, Bordnetzsteuergerät, Motor für Spiegelanklappung Fahrerseite, Motor	619
für Spiegelverstellung Fahrerseite, beheizbarer Außenspiegel Fahrerseite
8. Türkontaktschalter Fahrerseite, Schließeinheit für Zentralverriegelung Fahrerseite,	620
Bordnetzsteuergerät, Schließeinheit Fahrertür, Motor für Zentralverriegelung in Fahrertür, Motor für
SAFE-Funktion der Zentralverriegelung in Fahrertür
